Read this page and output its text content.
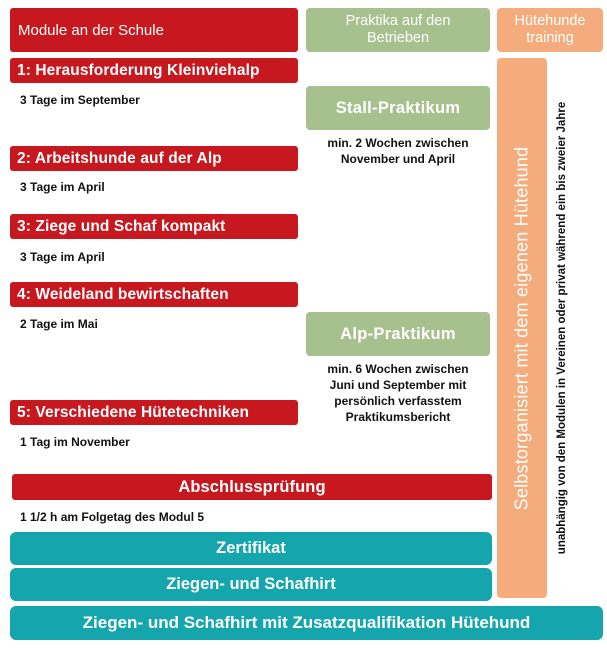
Module an der Schule
Praktika auf den
Betrieben
Hütehunde
training
1: Herausforderung Kleinviehalp
3 Tage im September
2: Arbeitshunde auf der Alp
3 Tage im April
3: Ziege und Schaf kompakt
3 Tage im April
4: Weideland bewirtschaften
2 Tage im Mai
5: Verschiedene Hütetechniken
1 Tag im November
Abschlussprüfung
1 1/2 h am Folgetag des Modul 5
Stall-Praktikum
min. 2 Wochen zwischen
November und April
Alp-Praktikum
min. 6 Wochen zwischen
Juni und September mit
persönlich verfasstem
Praktikumsbericht	Selbstorganisiert mit dem eigenen Hütehund unabhängig von den Modulen in Vereinen oder privat während ein bis zweier Jahre
Zertifikat
Ziegen- und Schafhirt
Ziegen- und Schafhirt mit Zusatzqualifikation Hütehund
